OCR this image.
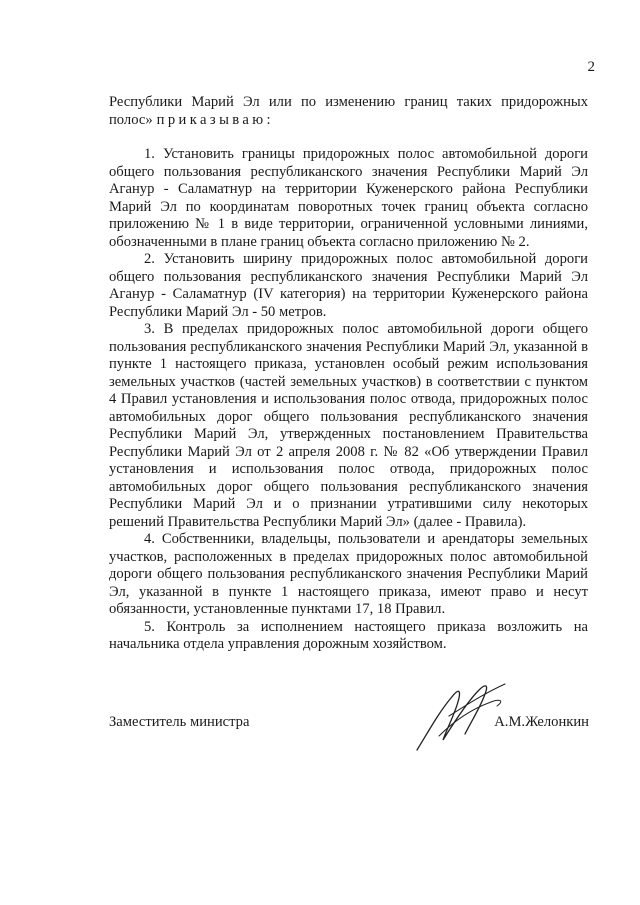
2

Республики Марий Эл или по изменению границ таких придорожных полос» приказываю:

1. Установить границы придорожных полос автомобильной дороги общего пользования республиканского значения Республики Марий Эл Аганур - Саламатнур на территории Куженерского района Республики Марий Эл по координатам поворотных точек границ объекта согласно приложению № 1 в виде территории, ограниченной условными линиями, обозначенными в плане границ объекта согласно приложению № 2.

2. Установить ширину придорожных полос автомобильной дороги общего пользования республиканского значения Республики Марий Эл Аганур - Саламатнур (IV категория) на территории Куженерского района Республики Марий Эл - 50 метров.

3. В пределах придорожных полос автомобильной дороги общего пользования республиканского значения Республики Марий Эл, указанной в пункте 1 настоящего приказа, установлен особый режим использования земельных участков (частей земельных участков) в соответствии с пунктом 4 Правил установления и использования полос отвода, придорожных полос автомобильных дорог общего пользования республиканского значения Республики Марий Эл, утвержденных постановлением Правительства Республики Марий Эл от 2 апреля 2008 г. № 82 «Об утверждении Правил установления и использования полос отвода, придорожных полос автомобильных дорог общего пользования республиканского значения Республики Марий Эл и о признании утратившими силу некоторых решений Правительства Республики Марий Эл» (далее - Правила).

4. Собственники, владельцы, пользователи и арендаторы земельных участков, расположенных в пределах придорожных полос автомобильной дороги общего пользования республиканского значения Республики Марий Эл, указанной в пункте 1 настоящего приказа, имеют право и несут обязанности, установленные пунктами 17, 18 Правил.

5. Контроль за исполнением настоящего приказа возложить на начальника отдела управления дорожным хозяйством.

Заместитель министра	А.М.Желонкин
